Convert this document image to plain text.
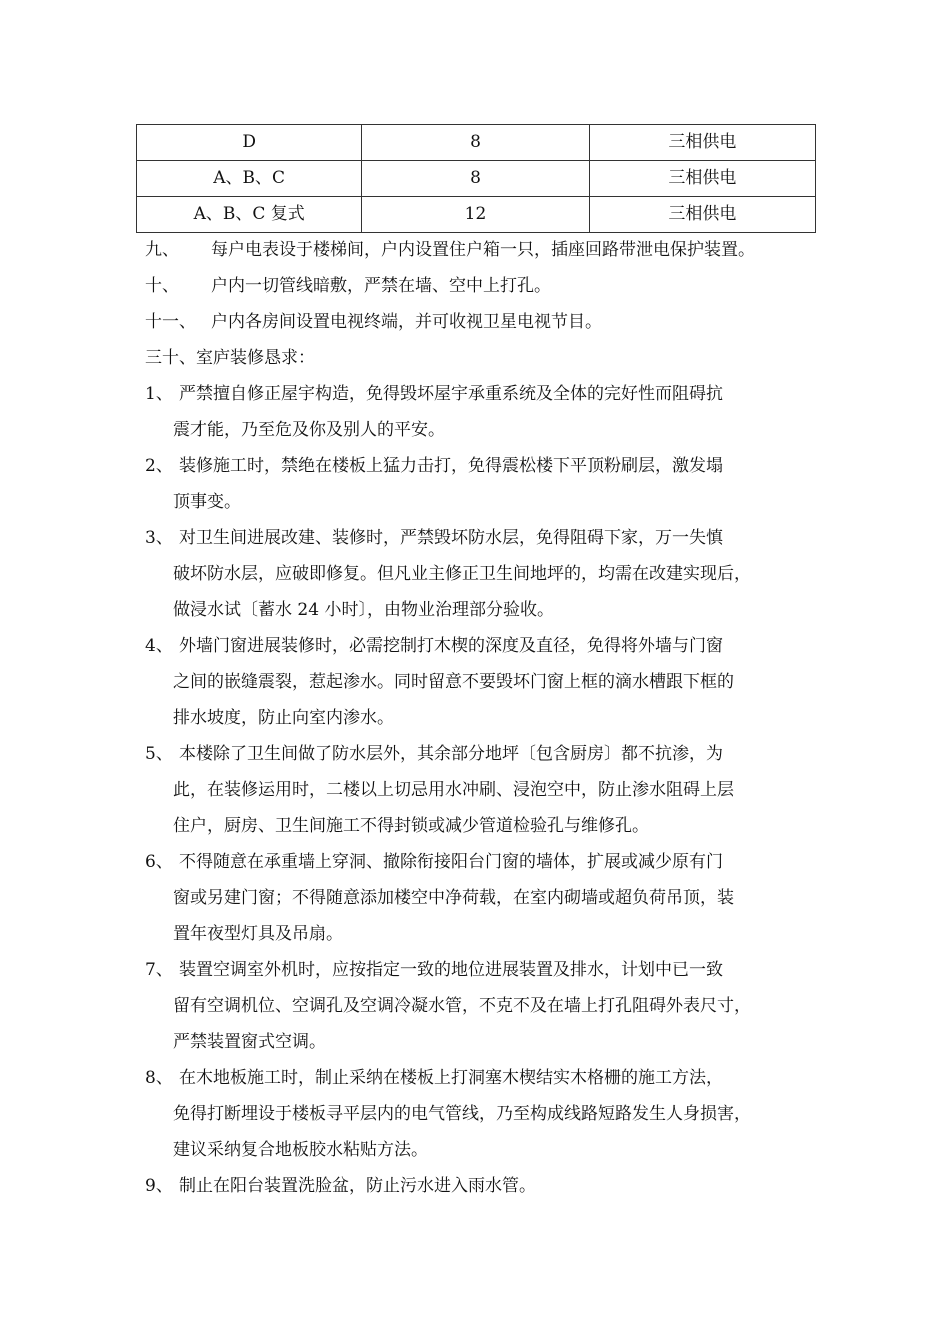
D	8	三相供电
A、B、C	8	三相供电
A、B、C 复式	12	三相供电
九、 每户电表设于楼梯间，户内设置住户箱一只，插座回路带泄电保护装置。
十、 户内一切管线暗敷，严禁在墙、空中上打孔。
十一、 户内各房间设置电视终端，并可收视卫星电视节目。
三十、室庐装修恳求：
1、 严禁擅自修正屋宇构造，免得毁坏屋宇承重系统及全体的完好性而阻碍抗
震才能，乃至危及你及别人的平安。
2、 装修施工时，禁绝在楼板上猛力击打，免得震松楼下平顶粉刷层，激发塌
顶事变。
3、 对卫生间进展改建、装修时，严禁毁坏防水层，免得阻碍下家，万一失慎
破坏防水层，应破即修复。但凡业主修正卫生间地坪的，均需在改建实现后，
做浸水试〔蓄水 24 小时〕，由物业治理部分验收。
4、 外墙门窗进展装修时，必需挖制打木楔的深度及直径，免得将外墙与门窗
之间的嵌缝震裂，惹起渗水。同时留意不要毁坏门窗上框的滴水槽跟下框的
排水坡度，防止向室内渗水。
5、 本楼除了卫生间做了防水层外，其余部分地坪〔包含厨房〕都不抗渗，为
此，在装修运用时，二楼以上切忌用水冲刷、浸泡空中，防止渗水阻碍上层
住户，厨房、卫生间施工不得封锁或减少管道检验孔与维修孔。
6、 不得随意在承重墙上穿洞、撤除衔接阳台门窗的墙体，扩展或减少原有门
窗或另建门窗；不得随意添加楼空中净荷载，在室内砌墙或超负荷吊顶，装
置年夜型灯具及吊扇。
7、 装置空调室外机时，应按指定一致的地位进展装置及排水，计划中已一致
留有空调机位、空调孔及空调冷凝水管，不克不及在墙上打孔阻碍外表尺寸，
严禁装置窗式空调。
8、 在木地板施工时，制止采纳在楼板上打洞塞木楔结实木格栅的施工方法，
免得打断埋设于楼板寻平层内的电气管线，乃至构成线路短路发生人身损害，
建议采纳复合地板胶水粘贴方法。
9、 制止在阳台装置洗脸盆，防止污水进入雨水管。
